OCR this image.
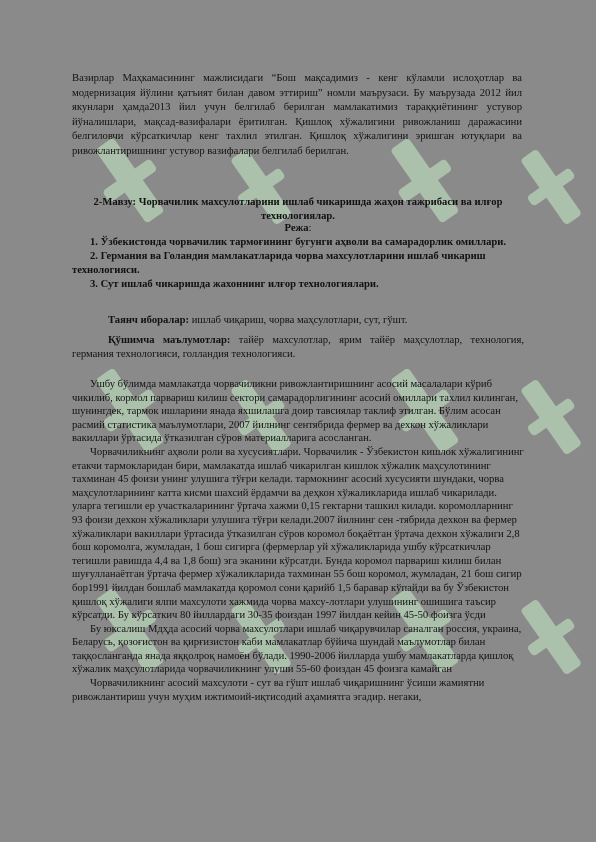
Вазирлар Маҳкамасининг мажлисидаги “Бош мақсадимиз - кенг кўламли ислоҳотлар ва модернизация йўлини қатъият билан давом эттириш” номли маърузаси. Бу маърузада 2012 йил якунлари ҳамда2013 йил учун белгилаб берилган мамлакатимиз тараққиётининг устувор йўналишлари, мақсад-вазифалари ёритилган. Қишлоқ хўжалигини ривожланиш даражасини белгиловчи кўрсаткичлар кенг тахлил этилган. Қишлоқ хўжалигини эришган ютуқлари ва ривожлантиришнинг устувор вазифалари белгилаб берилган.

2-Мавзу: Чорвачилик махсулотларини ишлаб чикаришда жаҳон тажрибаси ва илғор технологиялар.

Режа:

1. Ўзбекистонда чорвачилик тармоғининг бугунги аҳволи ва самарадорлик омиллари.
2. Германия ва Голандия мамлакатларида чорва махсулотларини ишлаб чикариш технологияси.
3. Сут ишлаб чикаришда жахоннинг илғор технологиялари.

Таянч иборалар: ишлаб чиқариш, чорва маҳсулотлари, сут, гўшт.

Қўшимча маълумотлар: тайёр махсулотлар, ярим тайёр маҳсулотлар, технология, германия технологияси, голландия технологияси.

Ушбу бўлимда мамлакатда чорвачиликни ривожлантиришнинг асосий масалалари кўриб чикилиб, кормол парвариш килиш сектори самарадорлигининг асосий омиллари тахлил килинган, шунингдек, тармок ишларини янада яхшилашга доир тавсиялар таклиф этилган. Бўлим асосан расмий статистика маълумотлари, 2007 йилнинг сентябрида фермер ва дехкон хўжаликлари вакиллари ўртасида ўтказилган сўров материалларига асосланган.

Чорвачиликнинг аҳволи роли ва хусусиятлари. Чорвачилик - Ўзбекистон кишлок хўжалигининг етакчи тармокларидан бири, мамлакатда ишлаб чикарилган кишлок хўжалик маҳсулотининг тахминан 45 фоизи унинг улушига тўғри келади. тармокнинг асосий хусусияти шундаки, чорва маҳсулотларининг катта кисми шахсий ёрдамчи ва деҳкон хўжаликларида ишлаб чикарилади. уларга тегишли ер участкаларининг ўртача хажми 0,15 гектарни ташкил килади. коромолларнинг 93 фоизи дехкон хўжаликлари улушига тўғри келади.2007 йилнинг сен -тябрида дехкон ва фермер хўжаликлари вакиллари ўртасида ўтказилган сўров коромол боқаётган ўртача дехкон хўжалиги 2,8 бош коромолга, жумладан, 1 бош сигирга (фермерлар уй хўжаликларида ушбу кўрсаткичлар тегишли равишда 4,4 ва 1,8 бош) эга эканини кўрсатди. Бунда коромол парвариш килиш билан шуғулланаётган ўртача фермер хўжаликларида тахминан 55 бош коромол, жумладан, 21 бош сигир бор1991 йилдан бошлаб мамлакатда қоромол сони қарийб 1,5 баравар кўпайди ва бу Ўзбекистон қишлоқ хўжалиги ялпи махсулоти хажмида чорва махсу-лотлари улушининг ошишига таъсир кўрсатди. Бу кўрсаткич 80 йиллардаги 30-35 фоиздан 1997 йилдан кейин 45-50 фоизга ўсди

Бу юксалиш Мдҳда асосий чорва махсулотлари ишлаб чиқарувчилар саналган россия, украина, Беларусь, қозоғистон ва қирғизистон каби мамлакатлар бўйича шундай маълумотлар билан таққосланганда янада яққолроқ намоён бўлади. 1990-2006 йилларда ушбу мамлакатларда қишлоқ хўжалик маҳсулотларида чорвачиликнинг улуши 55-60 фоиздан 45 фоизга камайган

Чорвачиликнинг асосий махсулоти - сут ва гўшт ишлаб чиқаришнинг ўсиши жамиятни ривожлантириш учун муҳим ижтимоий-иқтисодий аҳамиятга эгадир. негаки,
